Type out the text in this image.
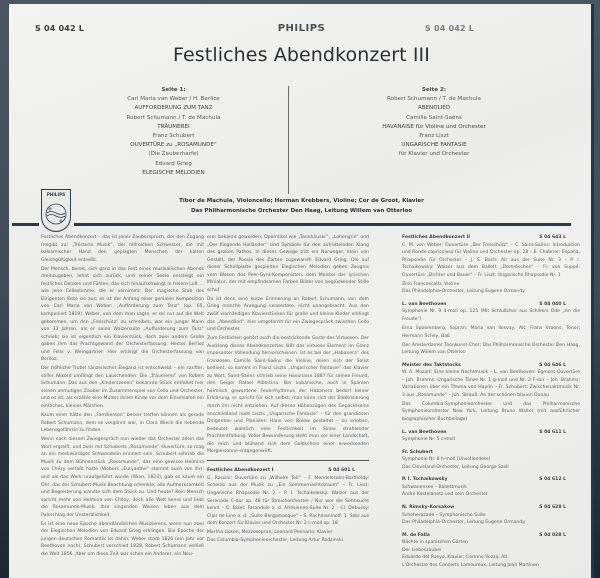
S 04 042 L	PHILIPS	S 04 042 L
Festliches Abendkonzert III
Seite 1:
Carl Maria van Weber / H. Berlioz
AUFFORDERUNG ZUM TANZ
Robert Schumann / T. de Machula
TRÄUMEREI
Franz Schubert
OUVERTÜRE zu „ROSAMUNDE“
(Die Zauberharfe)
Edvard Grieg
ELEGISCHE MELODIEN
Seite 2:
Robert Schumann / T. de Machula
ABENDLIED
Camille Saint-Saëns
HAVANAISE für Violine und Orchester
Franz Liszt
UNGARISCHE FANTASIE
für Klavier und Orchester
Tibor de Machula, Violoncello; Herman Krebbers, Violine; Cor de Groot, Klavier
Das Philharmonische Orchester Den Haag, Leitung Willem van Otterloo
PHILIPS

Festliches Abendkonzert – das ist jener Zauberspruch, der den Zugang freigibt zur „Trösterin Musik“, der hilfreichen Schwester, die mit balsamischer Hand den geplagten Menschen der kalten Gleichgültigkeit entreißt.

Der Mensch, bereit, sich ganz in das Fest eines musikalischen Abends dreinzugeben, lehnt sich zurück, und seiner Seele entsteigt ein festliches Denken und Fühlen, das sich hinaufschwingt in freiere Luft … wie jene Cellostimme, die er vernimmt: Der magische Stab des Dirigenten löste sie aus; es ist der Anfang einer genialen Komposition von Carl Maria von Weber: „Aufforderung zum Tanz“ (op. 65, komponiert 1819). Weber, von dem man sagte, er sei nur auf die Welt gekommen, um den „Freischütz“ zu schreiben, war ein junger Mann von 33 Jahren, als er seine Walzersuite „Aufforderung zum Tanz“ schrieb; sie ist eigentlich ein Klavierstück, doch zwei andere Große gaben ihm das Prachtgewand der Orchesterfassung: Hector Berlioz und Felix v. Weingartner. Hier erklingt die Orchesterfassung von Berlioz.

Der fröhliche Trubel tänzerischer Eleganz ist entschwebt – ein sanfter, stiller Akkord umfängt den Lauschenden: Die „Träumerei“ von Robert Schumann. Das aus den „Kinderszenen“ bekannte Stück entfaltet hier seinen anmutigen Zauber im Zusammenspiel von Cello und Orchester, und es ist, als erzähle eine Mutter ihrem Kinde vor dem Einschlafen ein einfaches, kleines Märchen.

Kaum einer hätte den „Familienton“ besser treffen können als gerade Robert Schumann, dem es vergönnt war, in Clara Wieck die liebende Lebensgefährtin zu finden.

Wenn nach diesem Zwiegespräch nun wieder das Orchester allein das Wort ergreift, und zwar mit Schuberts „Rosamunde“-Ouvertüre, so mag an ein merkwürdiges Schwendelin erinnert sein. Schubert schrieb die Musik zu dem Bühnenstück „Rosamunde“, das eine gewisse Helmina von Chézy verfaßt hatte (Webers „Euryanthe“ stammt auch von ihr); und als das Werk uraufgeführt wurde (Wien, 1823), gab es kaum ein Ohr, das der Schubert-Musik Beachtung schenkte; alle Aufmerksamkeit und Begeisterung wandte sich dem Stück zu. Und heute? Kein Mensch spricht mehr von Helmina von Chézy, doch alle Welt kennt und liebt die Rosamunde-Musik. Ihre singenden Weisen leben aus dem Pulsschlag der Unsterblichkeit.

Es ist eine neue Epoche abendländischen Musizierens, wenn nun zwei der Elegischen Melodien von Edvard Grieg erklingen. Die Epoche der jungen deutschen Romantik ist dahin; Weber starb 1826 (ein Jahr vor Beethoven noch), Schubert verschied 1828, Robert Schumann verließ die Welt 1856. Aber um diese Zeit war schon ein Anderer, ein Neu-

erer bekannt geworden; Operntitel wie „Tannhäuser“, „Lohengrin“ und „Der fliegende Holländer“ sind Symbole für den aufrüttelnden Klang des großen Pathos. In dieses Gewoge tritt ein Norweger, klein von Gestalt, der Poesie des Zarten zugewandt: Edvard Grieg. Die auf dieser Schallplatte gespielten Elegischen Melodien geben Zeugnis vom Wesen des Peer-Gynt-Komponisten, dem Meister der lyrischen Miniatur, der mit empfindsamen Farben Bilder von beglückender Stille schuf.

Da ist denn eine kurze Erinnerung an Robert Schumann, von dem Grieg manche Anregung verwertete, nicht unangebracht. Aus den zwölf vierhändigen Klavierstücken für große und kleine Kinder erklingt das „Abendlied“, hier umgeformt für ein Zwiegespräch zwischen Cello und Orchester.

Zum Festlichen gehört auch die bestrickende Geste des Virtuosen. Der Ausklang dieses Abendkonzertes läßt das virtuose Element im Glanz imposanter Vollendung hervorscheinen. Ist es bei der „Habanera“ des Franzosen Camille Saint-Saëns die Violine, deren sich der Solist bedient, so kommt in Franz Liszts „Ungarischer Fantasie“ das Klavier zu Wort. Saint-Saëns schrieb seine Havanaise 1887 für seinen Freund, den Geiger Rafael Albertina. Der kubanische, auch in Spanien heimisch gewordene Feuerrhythmus der Habanera bedarf keiner Erklärung, er spricht für sich selbst; man kann sich der Elektrisierung durch ihn nicht entziehen. Auf diesen Höhenzügen des Gepacktseins anschließend noch Liszts „Ungarische Fantasie“ – für den grandiosen Dirigenten und Pianisten Hans von Bülow gestaltet – zu erleben, bedeutet wahrlich eine Festlichkeit im Sinne strahlender Prachtentfaltung. Voller Bewunderung steht man vor einer Landschaft, die reich und blühend sich dem Goldschein einer erweckenden Morgensonne entgegenwirft.

Festliches Abendkonzert I	S 04 601 L

G. Rossini: Ouvertüre zu „Wilhelm Tell“ – F. Mendelssohn-Bartholdy: Scherzo aus der Musik zu „Ein Sommernachtstraum“ – Fr. Liszt: Ungarische Rhapsodie Nr. 2 – P. I. Tschaikowsky: Walzer aus der Serenade C-dur op. 48 für Streichorchester / Nur wer die Sehnsucht kennt – G. Bizet: Farandole a. d. Arlésienne-Suite Nr. 2 – Cl. Debussy: Clair de lune a. d. „Suite Bergamasque“ – S. Rachmaninoff: 1. Satz aus dem Konzert für Klavier und Orchester Nr. 2 c-moll op. 18

Martha Lipton, Mezzosopran; Leonard Pennario, Klavier
Das Columbia-Symphonieorchester, Leitung Artur Rodzinski
Festliches Abendkonzert II	S 04 643 L

C. M. von Weber: Ouvertüre „Der Freischütz“ – C. Saint-Saëns: Introduction und Rondo capriccioso für Violine und Orchester op. 28 – E. Chabrier: España, Rhapsodie für Orchester – J. S. Bach: Air aus der Suite Nr. 3 – P. I. Tschaikowsky: Walzer aus dem Ballett „Dornröschen“ – Fr. von Suppé: Ouvertüre „Dichter und Bauer“ – Fr. Liszt: Ungarische Rhapsodie Nr. 1

Zino Francescatti, Violine
Das Philadelphia-Orchester, Leitung Eugene Ormandy
L. van Beethoven	S 04 040 L

Symphonie Nr. 9 d-moll op. 125 (Mit Schlußchor aus Schillers Ode „An die Freude“)

Erna Spoorenberg, Sopran; Maria van Ilosvay, Alt; Frans Vroons, Tenor; Hermann Schey, Baß

Der Amsterdamer Toonkunst-Chor; Das Philharmonische Orchester Den Haag, Leitung Willem van Otterloo

Meister des Taktstocks	S 04 646 L

W. A. Mozart: Eine kleine Nachtmusik – L. van Beethoven: Egmont-Ouvertüre – Joh. Brahms: Ungarische Tänze Nr. 1 g-moll und Nr. 3 F-dur – Joh. Brahms: Variationen über ein Thema von Haydn – Fr. Schubert: Zwischenaktmusik Nr. 3 aus „Rosamunde“ – Joh. Strauß: An der schönen blauen Donau

Das Columbia-Symphonieorchester und das Philharmonische Symphonieorchester New York, Leitung Bruno Walter (mit ausführlicher biographischer Buchbeilage)

L. van Beethoven	S 04 611 L
Symphonie Nr. 5 c-moll
Fr. Schubert
Symphonie Nr. 8 h-moll (Unvollendete)
Das Cleveland-Orchester, Leitung George Szell
P. I. Tschaikowsky	S 04 612 L
Schwanensee – Ballettmusik
Andre Kostelanetz und sein Orchester
N. Rimsky-Korsakow	S 04 628 L
Scheherazade – Symphonische Suite
Das Philadelphia-Orchester, Leitung Eugene Ormandy
M. de Falla	S 04 028 L
Nächte in spanischen Gärten
Der Liebeszauber
Eduardo del Pueyo, Klavier; Corinne Vozza, Alt
L'Orchestre des Concerts Lamoureux, Leitung Jean Martinon
